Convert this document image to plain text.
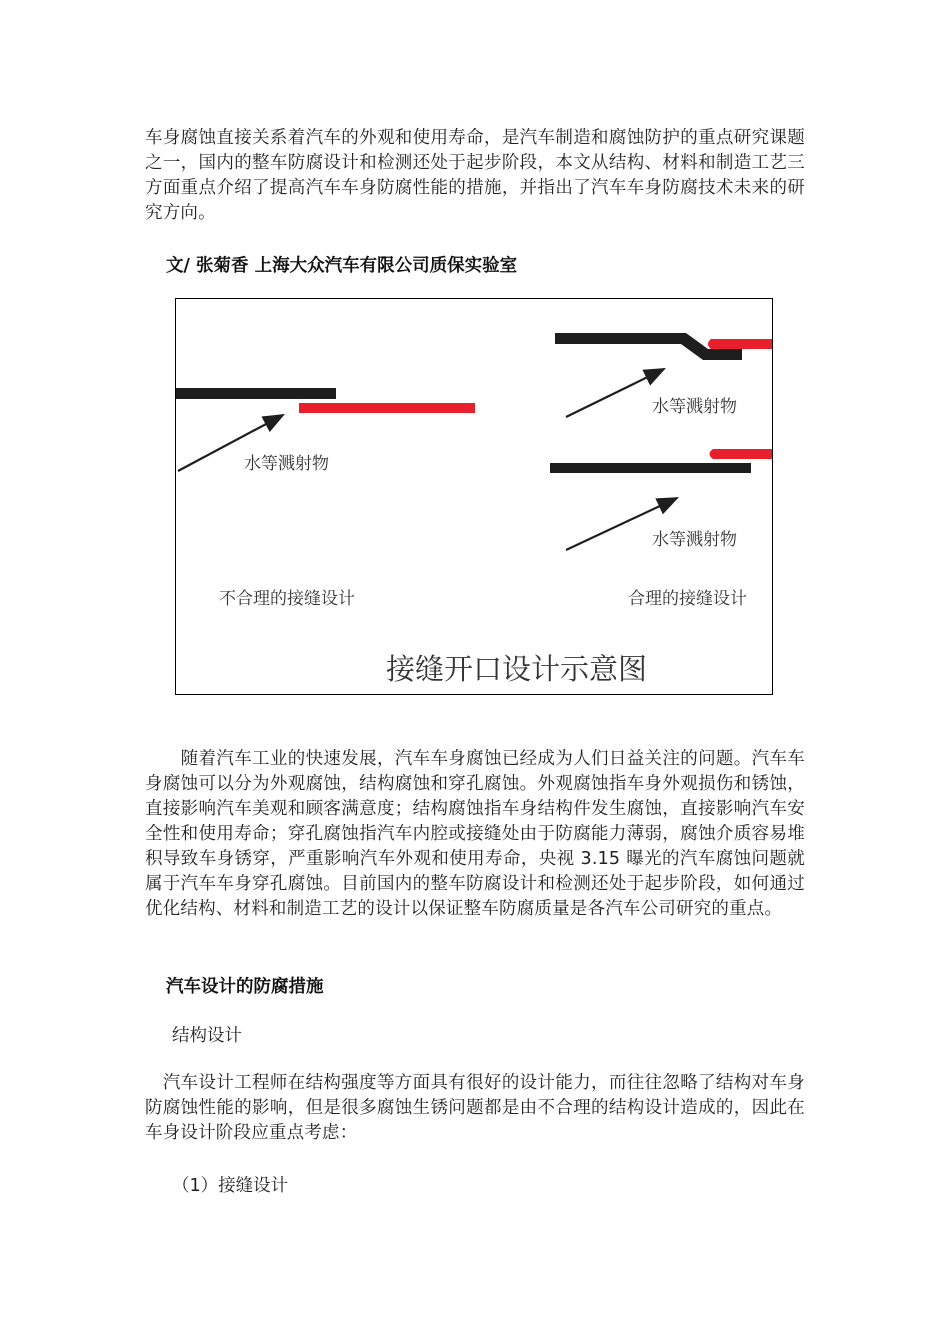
车身腐蚀直接关系着汽车的外观和使用寿命，是汽车制造和腐蚀防护的重点研究课题之一，国内的整车防腐设计和检测还处于起步阶段，本文从结构、材料和制造工艺三方面重点介绍了提高汽车车身防腐性能的措施，并指出了汽车车身防腐技术未来的研究方向。

文/ 张菊香 上海大众汽车有限公司质保实验室

水等溅射物
水等溅射物
水等溅射物
不合理的接缝设计	合理的接缝设计
接缝开口设计示意图

　　随着汽车工业的快速发展，汽车车身腐蚀已经成为人们日益关注的问题。汽车车身腐蚀可以分为外观腐蚀，结构腐蚀和穿孔腐蚀。外观腐蚀指车身外观损伤和锈蚀，直接影响汽车美观和顾客满意度；结构腐蚀指车身结构件发生腐蚀，直接影响汽车安全性和使用寿命；穿孔腐蚀指汽车内腔或接缝处由于防腐能力薄弱，腐蚀介质容易堆积导致车身锈穿，严重影响汽车外观和使用寿命，央视 3.15 曝光的汽车腐蚀问题就属于汽车车身穿孔腐蚀。目前国内的整车防腐设计和检测还处于起步阶段，如何通过优化结构、材料和制造工艺的设计以保证整车防腐质量是各汽车公司研究的重点。

汽车设计的防腐措施

结构设计

　汽车设计工程师在结构强度等方面具有很好的设计能力，而往往忽略了结构对车身防腐蚀性能的影响，但是很多腐蚀生锈问题都是由不合理的结构设计造成的，因此在车身设计阶段应重点考虑：

（1）接缝设计
